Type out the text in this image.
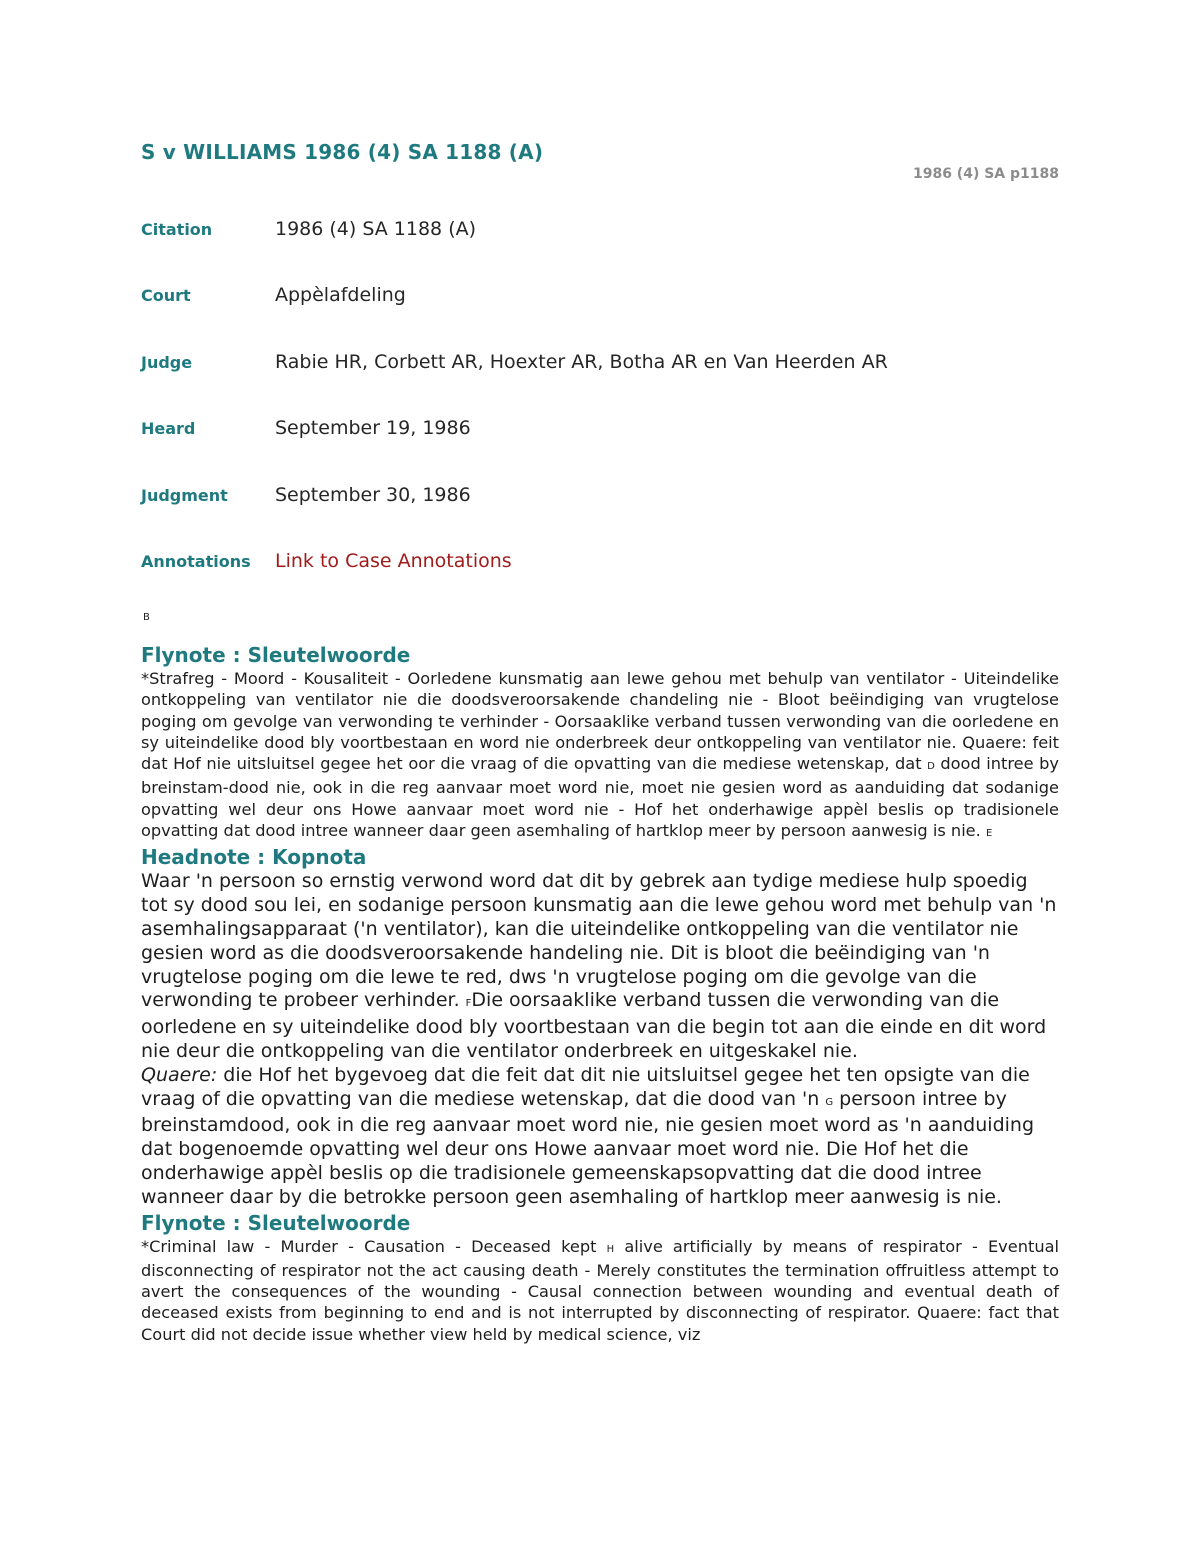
S v WILLIAMS 1986 (4) SA 1188 (A)
1986 (4) SA p1188
Citation	1986 (4) SA 1188 (A)
Court	Appèlafdeling
Judge	Rabie HR, Corbett AR, Hoexter AR, Botha AR en Van Heerden AR
Heard	September 19, 1986
Judgment September 30, 1986
Annotations Link to Case Annotations
B
Flynote : Sleutelwoorde

*Strafreg - Moord - Kousaliteit - Oorledene kunsmatig aan lewe gehou met behulp van ventilator - Uiteindelike ontkoppeling van ventilator nie die doodsveroorsakende chandeling nie - Bloot beëindiging van vrugtelose poging om gevolge van verwonding te verhinder - Oorsaaklike verband tussen verwonding van die oorledene en sy uiteindelike dood bly voortbestaan en word nie onderbreek deur ontkoppeling van ventilator nie. Quaere: feit dat Hof nie uitsluitsel gegee het oor die vraag of die opvatting van die mediese wetenskap, dat D dood intree by breinstam-dood nie, ook in die reg aanvaar moet word nie, moet nie gesien word as aanduiding dat sodanige opvatting wel deur ons Howe aanvaar moet word nie - Hof het onderhawige appèl beslis op tradisionele opvatting dat dood intree wanneer daar geen asemhaling of hartklop meer by persoon aanwesig is nie. E

Headnote : Kopnota

Waar 'n persoon so ernstig verwond word dat dit by gebrek aan tydige mediese hulp spoedig tot sy dood sou lei, en sodanige persoon kunsmatig aan die lewe gehou word met behulp van 'n asemhalingsapparaat ('n ventilator), kan die uiteindelike ontkoppeling van die ventilator nie gesien word as die doodsveroorsakende handeling nie. Dit is bloot die beëindiging van 'n vrugtelose poging om die lewe te red, dws 'n vrugtelose poging om die gevolge van die verwonding te probeer verhinder. FDie oorsaaklike verband tussen die verwonding van die oorledene en sy uiteindelike dood bly voortbestaan van die begin tot aan die einde en dit word nie deur die ontkoppeling van die ventilator onderbreek en uitgeskakel nie.

Quaere: die Hof het bygevoeg dat die feit dat dit nie uitsluitsel gegee het ten opsigte van die vraag of die opvatting van die mediese wetenskap, dat die dood van 'n G persoon intree by breinstamdood, ook in die reg aanvaar moet word nie, nie gesien moet word as 'n aanduiding dat bogenoemde opvatting wel deur ons Howe aanvaar moet word nie. Die Hof het die onderhawige appèl beslis op die tradisionele gemeenskapsopvatting dat die dood intree wanneer daar by die betrokke persoon geen asemhaling of hartklop meer aanwesig is nie.

Flynote : Sleutelwoorde

*Criminal law - Murder - Causation - Deceased kept H alive artificially by means of respirator - Eventual disconnecting of respirator not the act causing death - Merely constitutes the termination offruitless attempt to avert the consequences of the wounding - Causal connection between wounding and eventual death of deceased exists from beginning to end and is not interrupted by disconnecting of respirator. Quaere: fact that Court did not decide issue whether view held by medical science, viz
